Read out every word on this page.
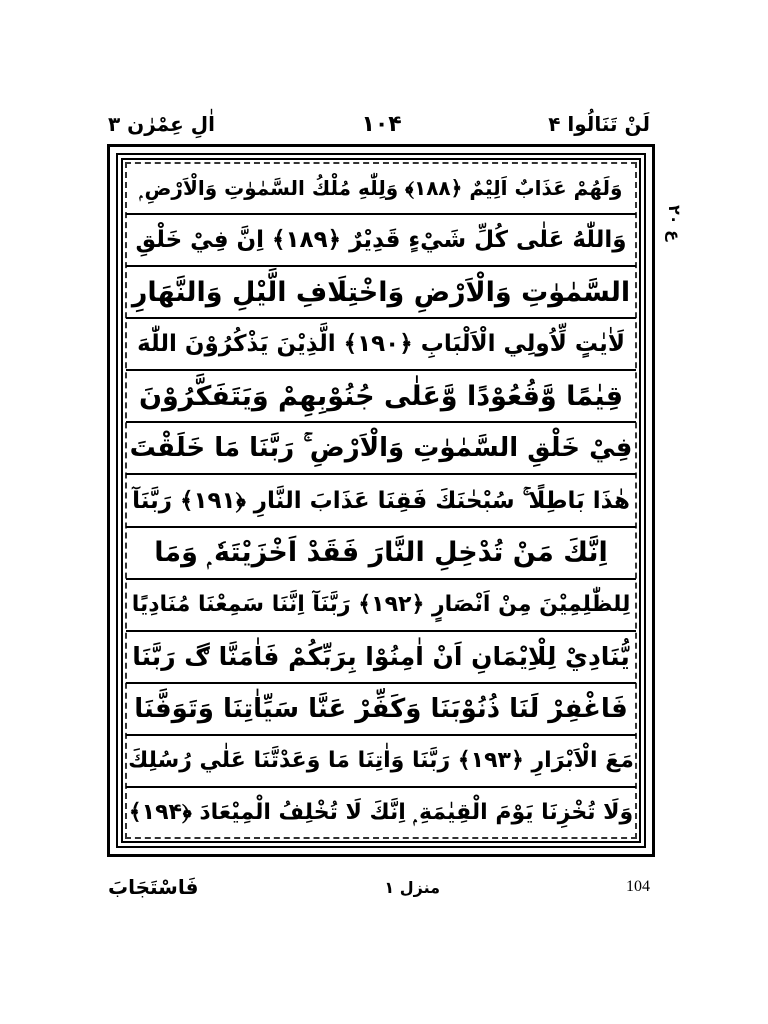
اٰلِ عِمْرٰن ۳	۱۰۴	لَنْ تَنَالُوا ۴
وَلَهُمْ عَذَابٌ اَلِيْمٌ ﴿۱۸۸﴾ وَلِلّٰهِ مُلْكُ السَّمٰوٰتِ وَالْاَرْضِ ۭ
وَاللّٰهُ عَلٰى كُلِّ شَيْءٍ قَدِيْرٌ ﴿۱۸۹﴾ اِنَّ فِيْ خَلْقِ
السَّمٰوٰتِ وَالْاَرْضِ وَاخْتِلَافِ الَّيْلِ وَالنَّهَارِ
لَاٰيٰتٍ لِّاُولِي الْاَلْبَابِ ﴿۱۹۰﴾ الَّذِيْنَ يَذْكُرُوْنَ اللّٰهَ
قِيٰمًا وَّقُعُوْدًا وَّعَلٰى جُنُوْبِهِمْ وَيَتَفَكَّرُوْنَ
فِيْ خَلْقِ السَّمٰوٰتِ وَالْاَرْضِ ۚ رَبَّنَا مَا خَلَقْتَ
هٰذَا بَاطِلًا ۚ سُبْحٰنَكَ فَقِنَا عَذَابَ النَّارِ ﴿۱۹۱﴾ رَبَّنَآ
اِنَّكَ مَنْ تُدْخِلِ النَّارَ فَقَدْ اَخْزَيْتَهٗ ۭ وَمَا
لِلظّٰلِمِيْنَ مِنْ اَنْصَارٍ ﴿۱۹۲﴾ رَبَّنَآ اِنَّنَا سَمِعْنَا مُنَادِيًا
يُّنَادِيْ لِلْاِيْمَانِ اَنْ اٰمِنُوْا بِرَبِّكُمْ فَاٰمَنَّا ڰ رَبَّنَا
فَاغْفِرْ لَنَا ذُنُوْبَنَا وَكَفِّرْ عَنَّا سَيِّاٰتِنَا وَتَوَفَّنَا
مَعَ الْاَبْرَارِ ﴿۱۹۳﴾ رَبَّنَا وَاٰتِنَا مَا وَعَدْتَّنَا عَلٰي رُسُلِكَ
وَلَا تُخْزِنَا يَوْمَ الْقِيٰمَةِ ۭ اِنَّكَ لَا تُخْلِفُ الْمِيْعَادَ ﴿۱۹۴﴾
ع ۲۰
فَاسْتَجَابَ	منزل ۱	104
